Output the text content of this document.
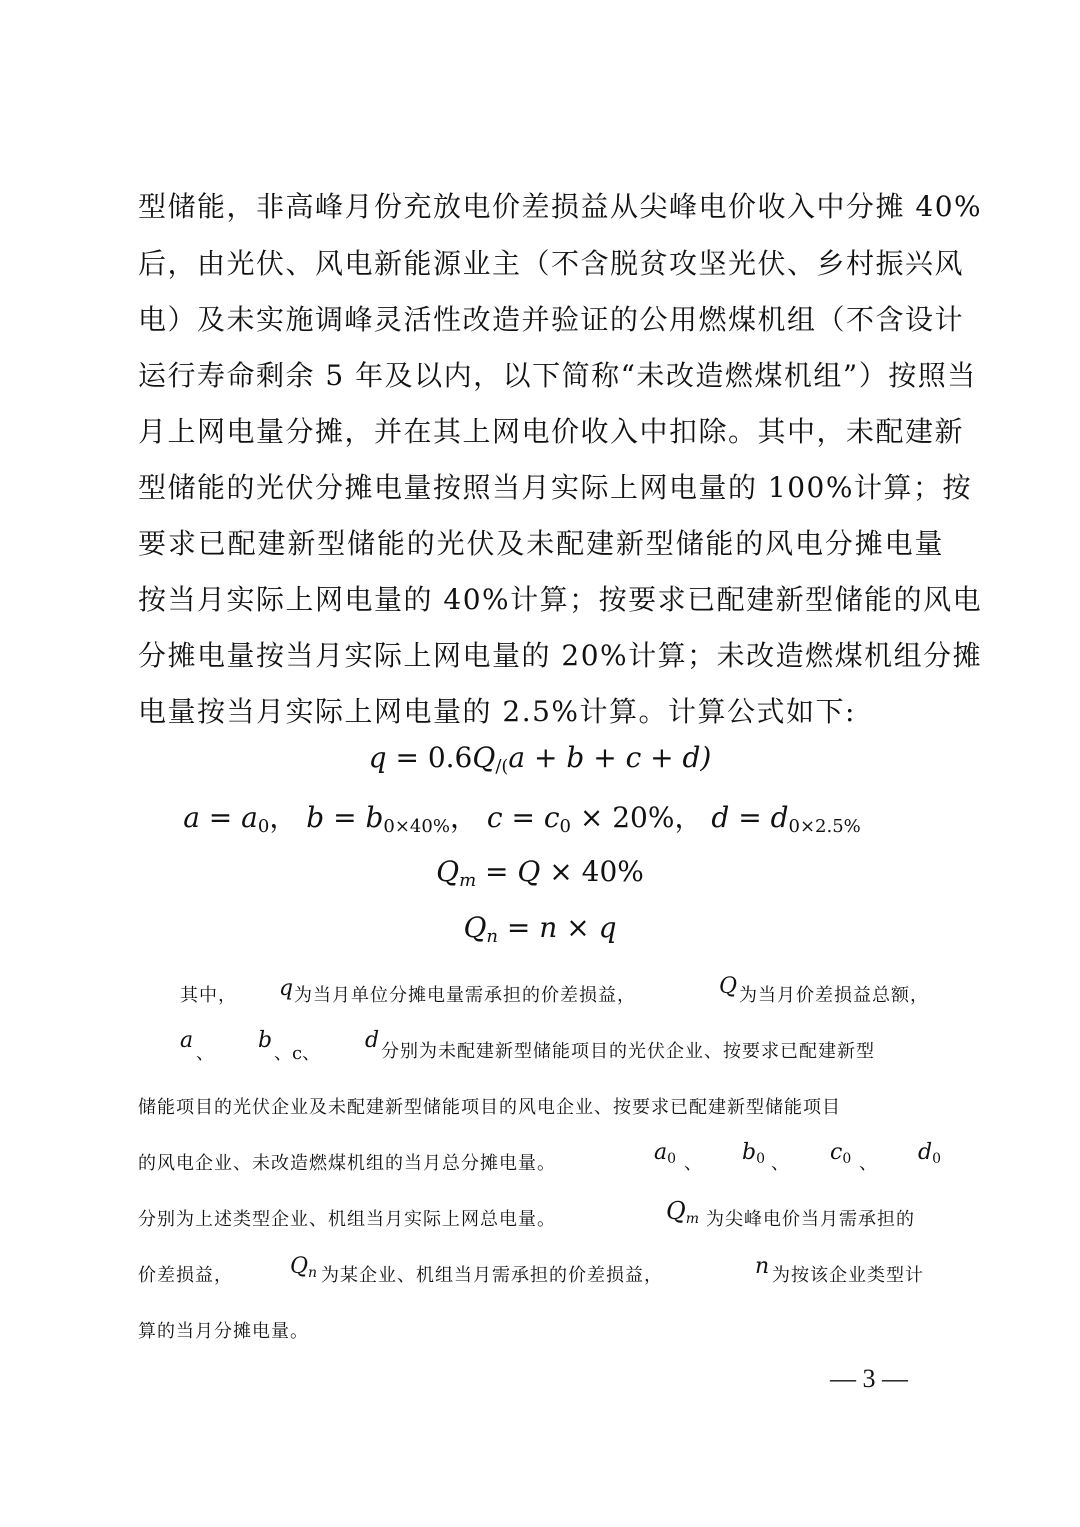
型储能，非高峰月份充放电价差损益从尖峰电价收入中分摊 40%
后，由光伏、风电新能源业主（不含脱贫攻坚光伏、乡村振兴风
电）及未实施调峰灵活性改造并验证的公用燃煤机组（不含设计
运行寿命剩余 5 年及以内，以下简称“未改造燃煤机组”）按照当
月上网电量分摊，并在其上网电价收入中扣除。其中，未配建新
型储能的光伏分摊电量按照当月实际上网电量的 100%计算；按
要求已配建新型储能的光伏及未配建新型储能的风电分摊电量
按当月实际上网电量的 40%计算；按要求已配建新型储能的风电
分摊电量按当月实际上网电量的 20%计算；未改造燃煤机组分摊
电量按当月实际上网电量的 2.5%计算。计算公式如下:
$q = 0.6Q_{/(}a + b + c + d$)
$a = a_0$， $b = b_{0\times 40\%}$， $c = c_0 \times 20\%$， $d = d_{0\times 2.5\%}$
$Q_m = Q \times 40\%$
$Q_n = n \times q$
其中， q 为当月单位分摊电量需承担的价差损益，	Q 为当月价差损益总额，
a
、
b
、c、
d 分别为未配建新型储能项目的光伏企业、按要求已配建新型
储能项目的光伏企业及未配建新型储能项目的风电企业、按要求已配建新型储能项目
的风电企业、未改造燃煤机组的当月总分摊电量。	$a_0$ 、 $b_0$ 、 $c_0$ 、 $d_0$
分别为上述类型企业、机组当月实际上网总电量。	$Q_m$ 为尖峰电价当月需承担的
价差损益，	$Q_n$ 为某企业、机组当月需承担的价差损益，	n 为按该企业类型计
算的当月分摊电量。
— 3 —
